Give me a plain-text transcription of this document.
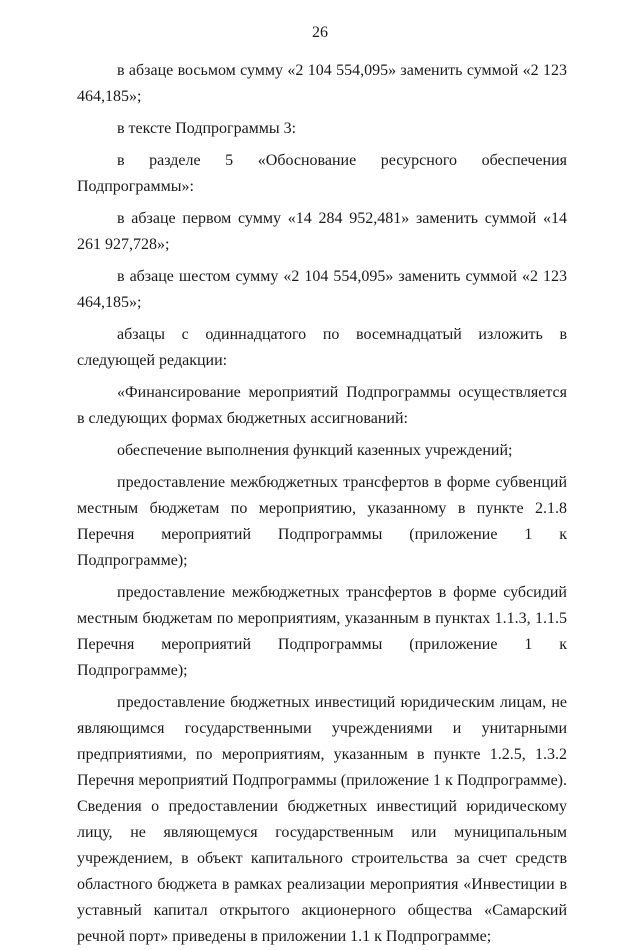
26

в абзаце восьмом сумму «2 104 554,095» заменить суммой «2 123 464,185»;

в тексте Подпрограммы 3:

в разделе 5 «Обоснование ресурсного обеспечения Подпрограммы»:

в абзаце первом сумму «14 284 952,481» заменить суммой «14 261 927,728»;

в абзаце шестом сумму «2 104 554,095» заменить суммой «2 123 464,185»;

абзацы с одиннадцатого по восемнадцатый изложить в следующей редакции:

«Финансирование мероприятий Подпрограммы осуществляется в следующих формах бюджетных ассигнований:

обеспечение выполнения функций казенных учреждений;

предоставление межбюджетных трансфертов в форме субвенций местным бюджетам по мероприятию, указанному в пункте 2.1.8 Перечня мероприятий Подпрограммы (приложение 1 к Подпрограмме);

предоставление межбюджетных трансфертов в форме субсидий местным бюджетам по мероприятиям, указанным в пунктах 1.1.3, 1.1.5 Перечня мероприятий Подпрограммы (приложение 1 к Подпрограмме);

предоставление бюджетных инвестиций юридическим лицам, не являющимся государственными учреждениями и унитарными предприятиями, по мероприятиям, указанным в пункте 1.2.5, 1.3.2 Перечня мероприятий Подпрограммы (приложение 1 к Подпрограмме). Сведения о предоставлении бюджетных инвестиций юридическому лицу, не являющемуся государственным или муниципальным учреждением, в объект капитального строительства за счет средств областного бюджета в рамках реализации мероприятия «Инвестиции в уставный капитал открытого акционерного общества «Самарский речной порт» приведены в приложении 1.1 к Подпрограмме;
